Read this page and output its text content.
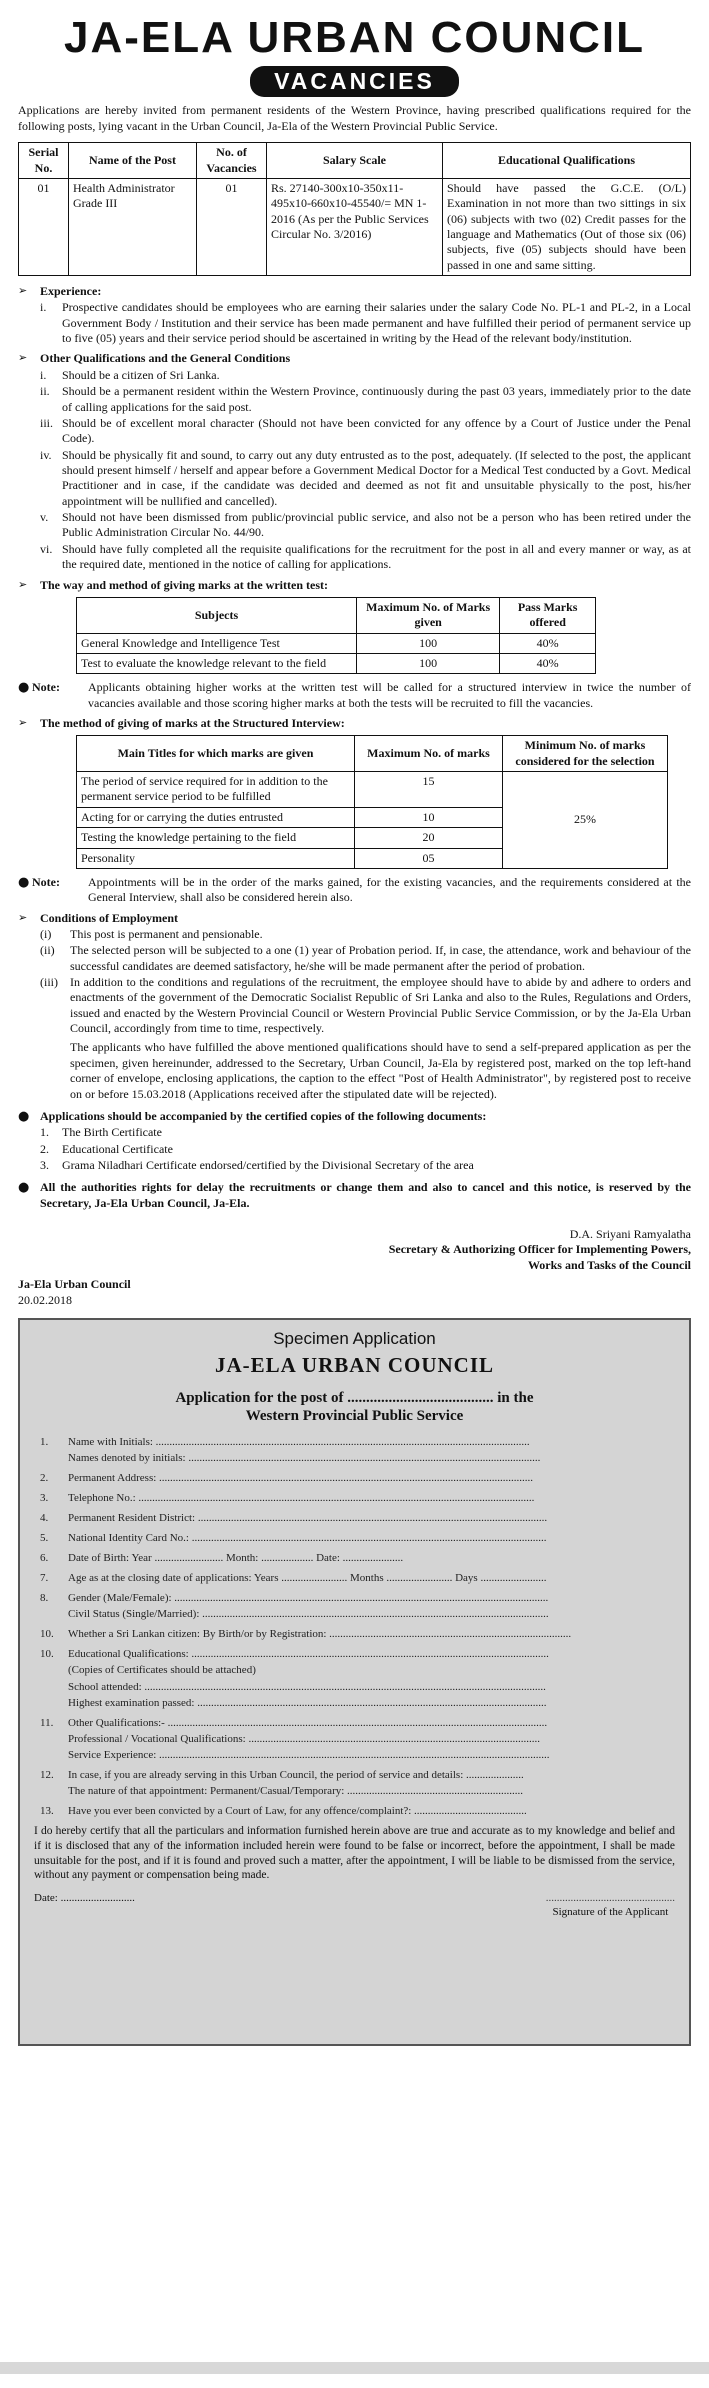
JA-ELA URBAN COUNCIL
VACANCIES

Applications are hereby invited from permanent residents of the Western Province, having prescribed qualifications required for the following posts, lying vacant in the Urban Council, Ja-Ela of the Western Provincial Public Service.

Serial No.	Name of the Post	No. of Vacancies	Salary Scale	Educational Qualifications
01	Health Administrator Grade III	01	Rs. 27140-300x10-350x11-495x10-660x10-45540/= MN 1-2016 (As per the Public Services Circular No. 3/2016)	Should have passed the G.C.E. (O/L) Examination in not more than two sittings in six (06) subjects with two (02) Credit passes for the language and Mathematics (Out of those six (06) subjects, five (05) subjects should have been passed in one and same sitting.
➢	Experience:
i.	Prospective candidates should be employees who are earning their salaries under the salary Code No. PL-1 and PL-2, in a Local Government Body / Institution and their service has been made permanent and have fulfilled their period of permanent service up to five (05) years and their service period should be ascertained in writing by the Head of the relevant body/institution.
➢	Other Qualifications and the General Conditions
i.	Should be a citizen of Sri Lanka.
ii.	Should be a permanent resident within the Western Province, continuously during the past 03 years, immediately prior to the date of calling applications for the said post.
iii. Should be of excellent moral character (Should not have been convicted for any offence by a Court of Justice under the Penal Code).
iv. Should be physically fit and sound, to carry out any duty entrusted as to the post, adequately. (If selected to the post, the applicant should present himself / herself and appear before a Government Medical Doctor for a Medical Test conducted by a Govt. Medical Practitioner and in case, if the candidate was decided and deemed as not fit and unsuitable physically to the post, his/her appointment will be nullified and cancelled).
v.	Should not have been dismissed from public/provincial public service, and also not be a person who has been retired under the Public Administration Circular No. 44/90.
vi. Should have fully completed all the requisite qualifications for the recruitment for the post in all and every manner or way, as at the required date, mentioned in the notice of calling for applications.
➢	The way and method of giving marks at the written test:
Subjects	Maximum No. of Marks given	Pass Marks offered
General Knowledge and Intelligence Test	100	40%
Test to evaluate the knowledge relevant to the field	100	40%
● Note:	Applicants obtaining higher works at the written test will be called for a structured interview in twice the number of vacancies available and those scoring higher marks at both the tests will be recruited to fill the vacancies.
➢	The method of giving of marks at the Structured Interview:
Main Titles for which marks are given	Maximum No. of marks	Minimum No. of marks considered for the selection
The period of service required for in addition to the permanent service period to be fulfilled	15	25%
Acting for or carrying the duties entrusted	10	
Testing the knowledge pertaining to the field	20	
Personality	05	
● Note:	Appointments will be in the order of the marks gained, for the existing vacancies, and the requirements considered at the General Interview, shall also be considered herein also.
➢	Conditions of Employment
(i)	This post is permanent and pensionable.
(ii)	The selected person will be subjected to a one (1) year of Probation period. If, in case, the attendance, work and behaviour of the successful candidates are deemed satisfactory, he/she will be made permanent after the period of probation.
(iii)	In addition to the conditions and regulations of the recruitment, the employee should have to abide by and adhere to orders and enactments of the government of the Democratic Socialist Republic of Sri Lanka and also to the Rules, Regulations and Orders, issued and enacted by the Western Provincial Council or Western Provincial Public Service Commission, or by the Ja-Ela Urban Council, accordingly from time to time, respectively.
The applicants who have fulfilled the above mentioned qualifications should have to send a self-prepared application as per the specimen, given hereinunder, addressed to the Secretary, Urban Council, Ja-Ela by registered post, marked on the top left-hand corner of envelope, enclosing applications, the caption to the effect "Post of Health Administrator", by registered post to receive on or before 15.03.2018 (Applications received after the stipulated date will be rejected).
● Applications should be accompanied by the certified copies of the following documents:
1.	The Birth Certificate
2.	Educational Certificate
3.	Grama Niladhari Certificate endorsed/certified by the Divisional Secretary of the area
● All the authorities rights for delay the recruitments or change them and also to cancel and this notice, is reserved by the Secretary, Ja-Ela Urban Council, Ja-Ela.
D.A. Sriyani Ramyalatha
Secretary & Authorizing Officer for Implementing Powers,
Works and Tasks of the Council
Ja-Ela Urban Council
20.02.2018
Specimen Application
JA-ELA URBAN COUNCIL
Application for the post of ....................................... in the
Western Provincial Public Service
1.	Name with Initials: ........................................................................................................................................
Names denoted by initials: ................................................................................................................................
2.	Permanent Address: ........................................................................................................................................
3.	Telephone No.: ................................................................................................................................................
4.	Permanent Resident District: ...............................................................................................................................
5.	National Identity Card No.: .................................................................................................................................
6.	Date of Birth: Year ......................... Month: ................... Date: ......................
7.	Age as at the closing date of applications: Years ........................ Months ........................ Days ........................
8.	Gender (Male/Female): ........................................................................................................................................
Civil Status (Single/Married): ..............................................................................................................................
10.	Whether a Sri Lankan citizen: By Birth/or by Registration: ........................................................................................
10.	Educational Qualifications: ..................................................................................................................................
(Copies of Certificates should be attached)
School attended: ..................................................................................................................................................
Highest examination passed: ...............................................................................................................................
11.	Other Qualifications:- ..........................................................................................................................................
Professional / Vocational Qualifications: ..........................................................................................................
Service Experience: ..............................................................................................................................................
12.	In case, if you are already serving in this Urban Council, the period of service and details: .....................
The nature of that appointment: Permanent/Casual/Temporary: ................................................................
13.	Have you ever been convicted by a Court of Law, for any offence/complaint?: .........................................

I do hereby certify that all the particulars and information furnished herein above are true and accurate as to my knowledge and belief and if it is disclosed that any of the information included herein were found to be false or incorrect, before the appointment, I shall be made unsuitable for the post, and if it is found and proved such a matter, after the appointment, I will be liable to be dismissed from the service, without any payment or compensation being made.

Date: ...........................	...............................................
Signature of the Applicant
